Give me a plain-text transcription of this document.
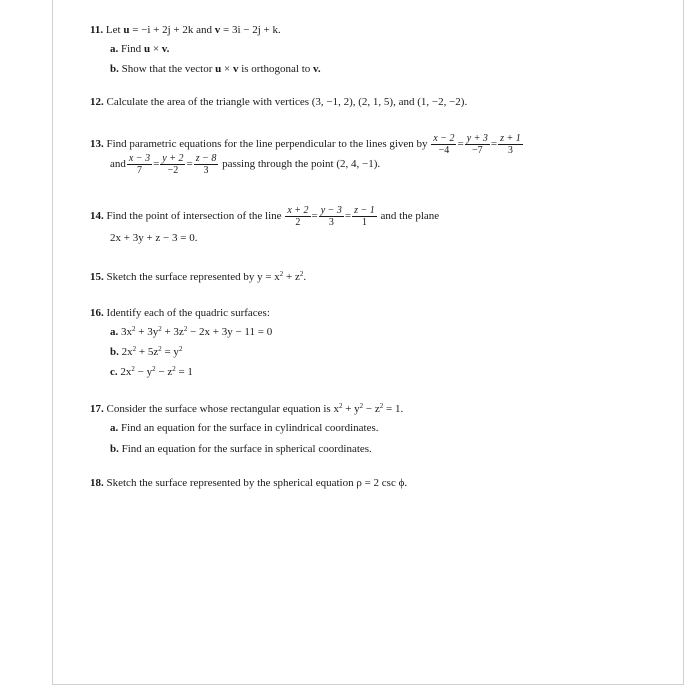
11. Let u = −i + 2j + 2k and v = 3i − 2j + k.
a. Find u × v.
b. Show that the vector u × v is orthogonal to v.
12. Calculate the area of the triangle with vertices (3, −1, 2), (2, 1, 5), and (1, −2, −2).
13. Find parametric equations for the line perpendicular to the lines given by $\frac{x - 2}{-4} = \frac{y + 3}{-7} = \frac{z + 1}{3}$
and $\frac{x - 3}{7} = \frac{y + 2}{-2} = \frac{z - 8}{3}$ passing through the point (2, 4, −1).
14. Find the point of intersection of the line $\frac{x + 2}{2} = \frac{y - 3}{3} = \frac{z - 1}{1}$ and the plane
2x + 3y + z − 3 = 0.
15. Sketch the surface represented by $y = x^2 + z^2$.
16. Identify each of the quadric surfaces:
a. $3x^2 + 3y^2 + 3z^2 - 2x + 3y - 11 = 0$
b. $2x^2 + 5z^2 = y^2$
c. $2x^2 - y^2 - z^2 = 1$
17. Consider the surface whose rectangular equation is $x^2 + y^2 - z^2 = 1$.
a. Find an equation for the surface in cylindrical coordinates.
b. Find an equation for the surface in spherical coordinates.
18. Sketch the surface represented by the spherical equation ρ = 2 csc ϕ.
